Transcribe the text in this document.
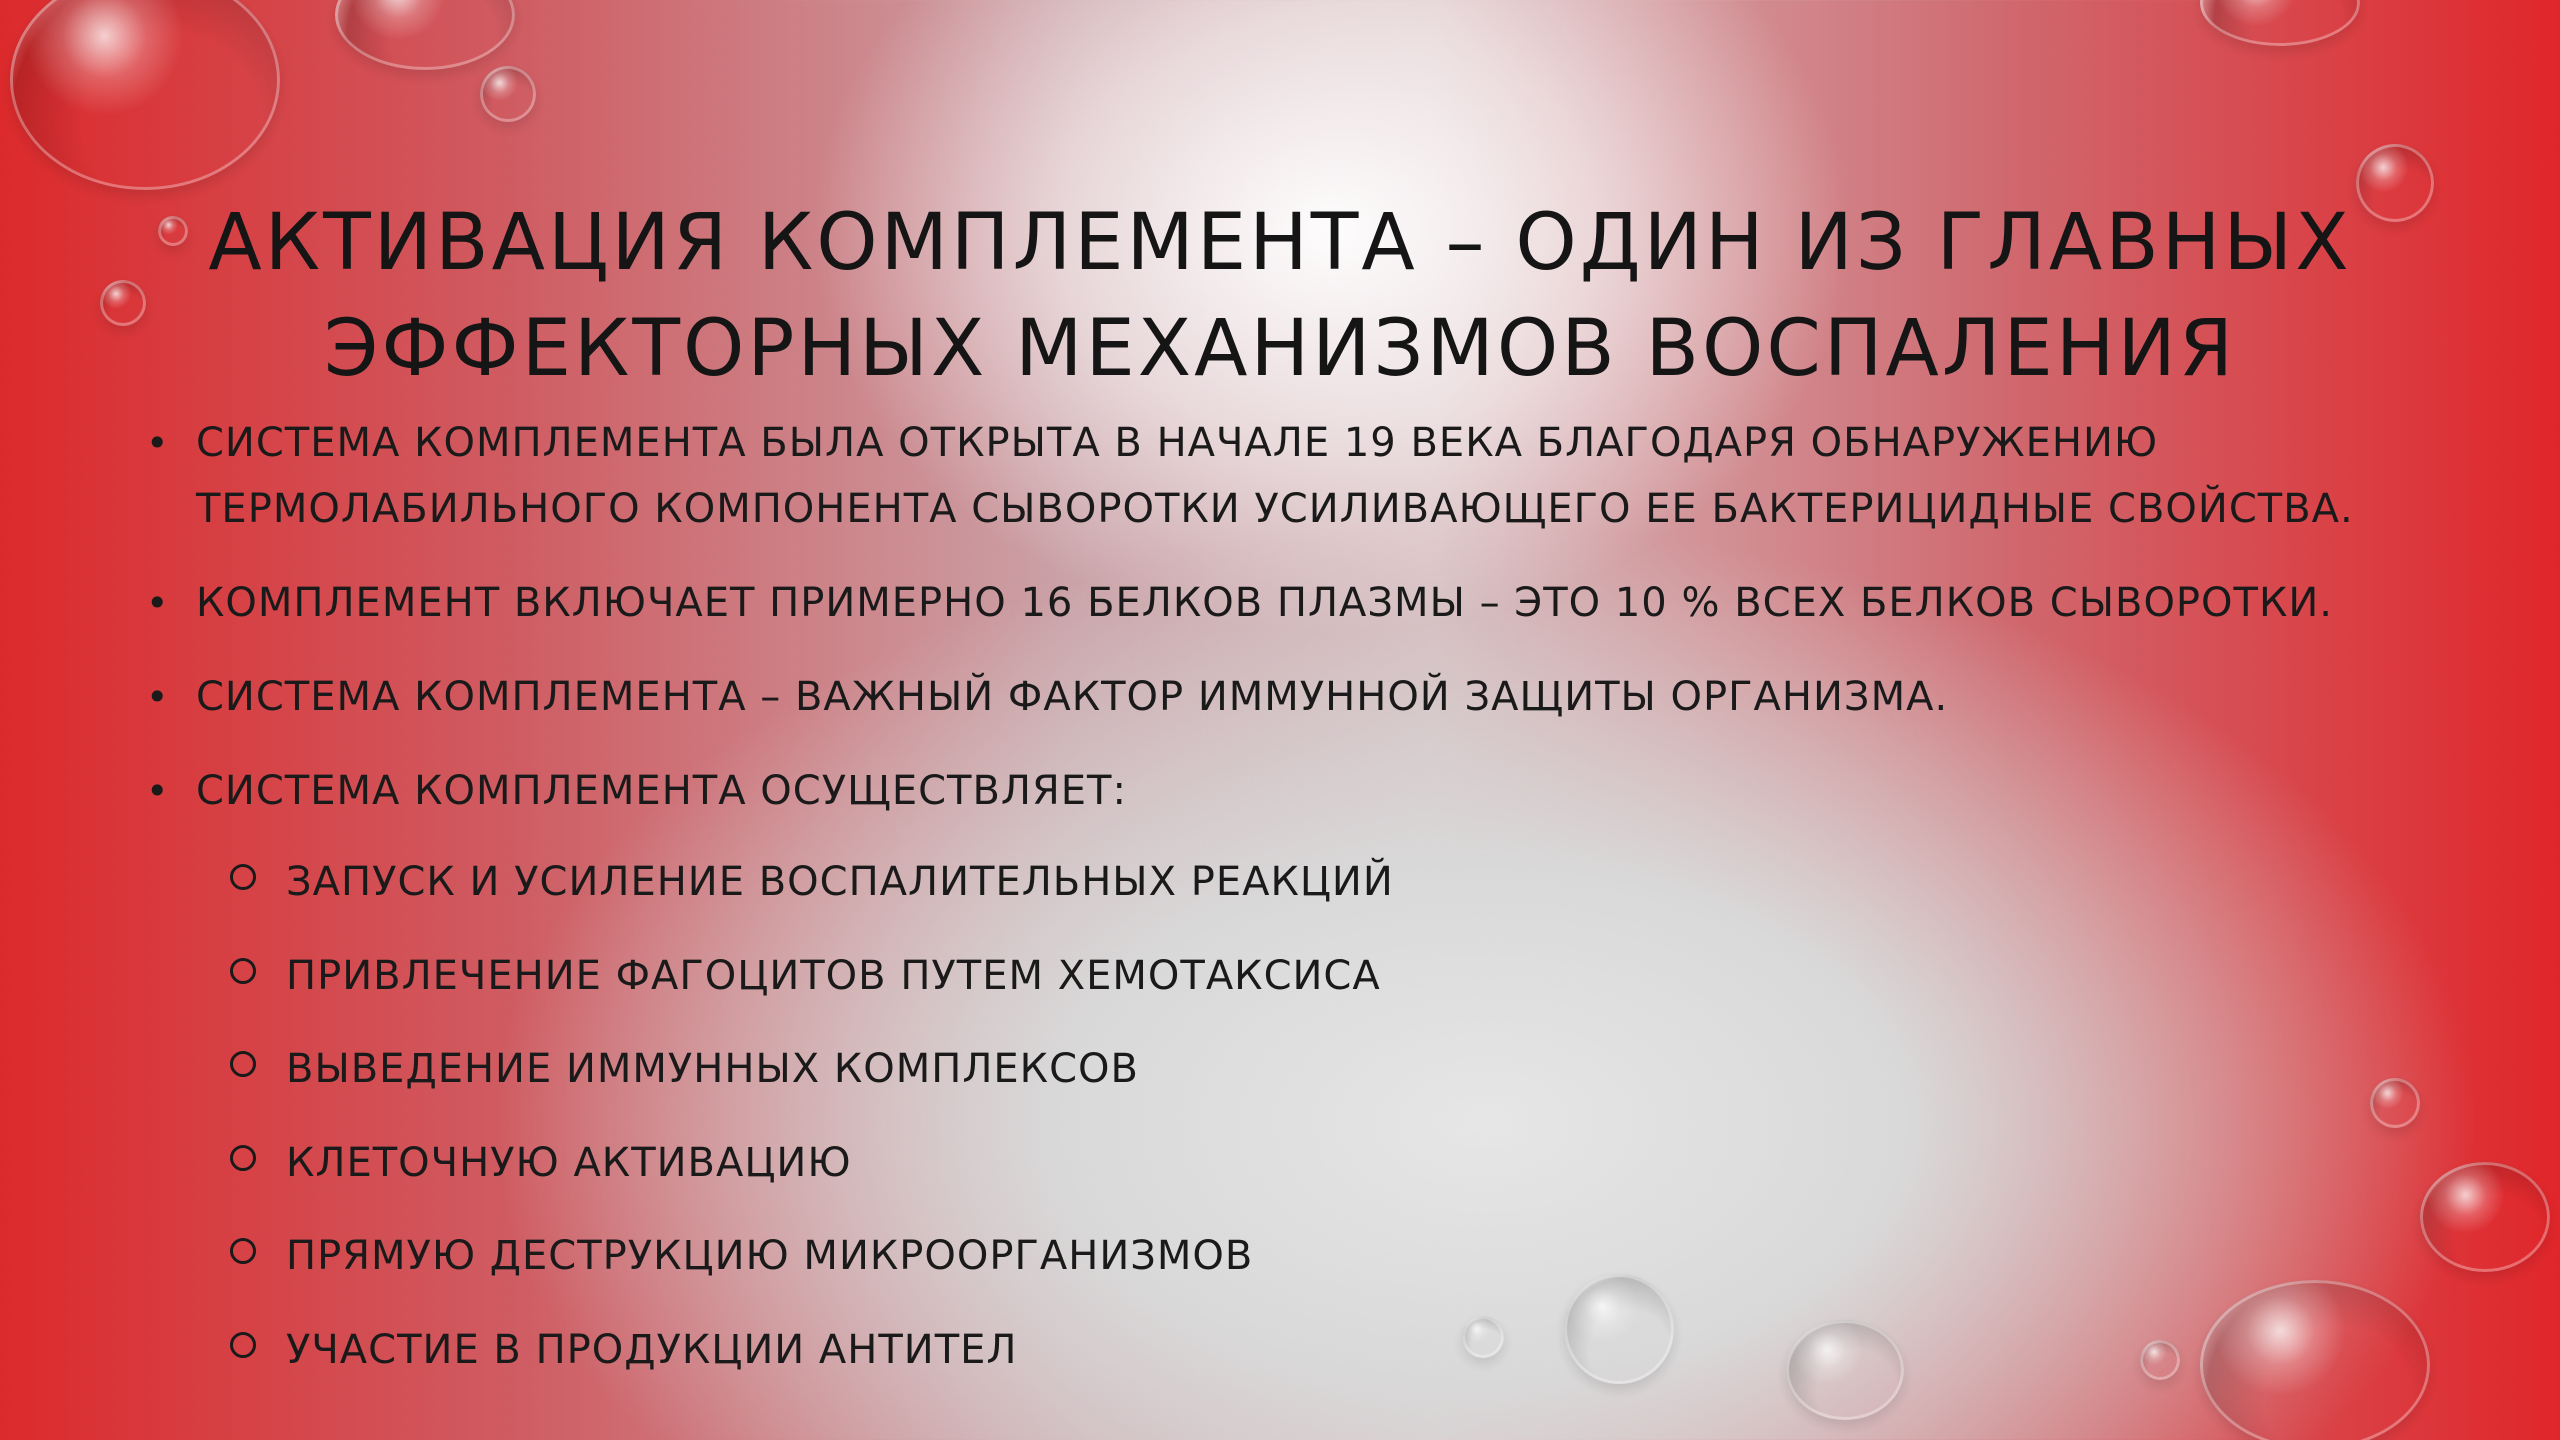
АКТИВАЦИЯ КОМПЛЕМЕНТА – ОДИН ИЗ ГЛАВНЫХ
ЭФФЕКТОРНЫХ МЕХАНИЗМОВ ВОСПАЛЕНИЯ
• СИСТЕМА КОМПЛЕМЕНТА БЫЛА ОТКРЫТА В НАЧАЛЕ 19 ВЕКА БЛАГОДАРЯ ОБНАРУЖЕНИЮ
ТЕРМОЛАБИЛЬНОГО КОМПОНЕНТА СЫВОРОТКИ УСИЛИВАЮЩЕГО ЕЕ БАКТЕРИЦИДНЫЕ СВОЙСТВА.
• КОМПЛЕМЕНТ ВКЛЮЧАЕТ ПРИМЕРНО 16 БЕЛКОВ ПЛАЗМЫ – ЭТО 10 % ВСЕХ БЕЛКОВ СЫВОРОТКИ.
• СИСТЕМА КОМПЛЕМЕНТА – ВАЖНЫЙ ФАКТОР ИММУННОЙ ЗАЩИТЫ ОРГАНИЗМА.
• СИСТЕМА КОМПЛЕМЕНТА ОСУЩЕСТВЛЯЕТ:
ЗАПУСК И УСИЛЕНИЕ ВОСПАЛИТЕЛЬНЫХ РЕАКЦИЙ
ПРИВЛЕЧЕНИЕ ФАГОЦИТОВ ПУТЕМ ХЕМОТАКСИСА
ВЫВЕДЕНИЕ ИММУННЫХ КОМПЛЕКСОВ
КЛЕТОЧНУЮ АКТИВАЦИЮ
ПРЯМУЮ ДЕСТРУКЦИЮ МИКРООРГАНИЗМОВ
УЧАСТИЕ В ПРОДУКЦИИ АНТИТЕЛ
